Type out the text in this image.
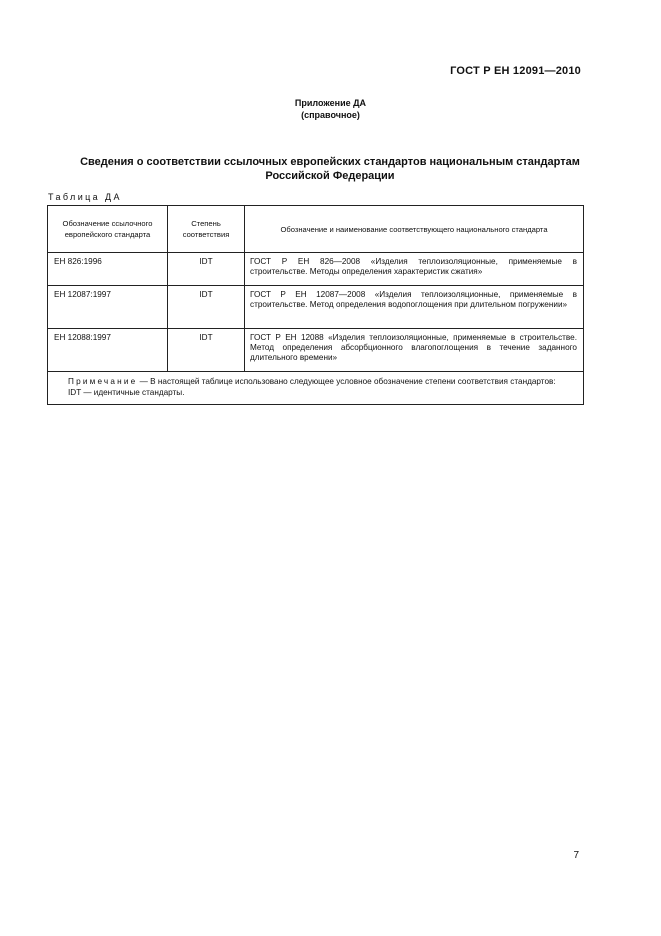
ГОСТ Р ЕН 12091—2010
Приложение ДА
(справочное)
Сведения о соответствии ссылочных европейских стандартов национальным стандартам
Российской Федерации
Таблица ДА
Обозначение ссылочного европейского стандарта	Степень соответствия	Обозначение и наименование соответствующего национального стандарта
ЕН 826:1996	IDT	ГОСТ Р ЕН 826—2008 «Изделия теплоизоляционные, применяемые в строительстве. Методы определения характеристик сжатия»
ЕН 12087:1997	IDT	ГОСТ Р ЕН 12087—2008 «Изделия теплоизоляционные, применяемые в строительстве. Метод определения водопоглощения при длительном погружении»
ЕН 12088:1997	IDT	ГОСТ Р ЕН 12088 «Изделия теплоизоляционные, применяемые в строительстве. Метод определения абсорбционного влагопоглощения в течение заданного длительного времени»

Примечание — В настоящей таблице использовано следующее условное обозначение степени соответствия стандартов:
IDT — идентичные стандарты.		
7
